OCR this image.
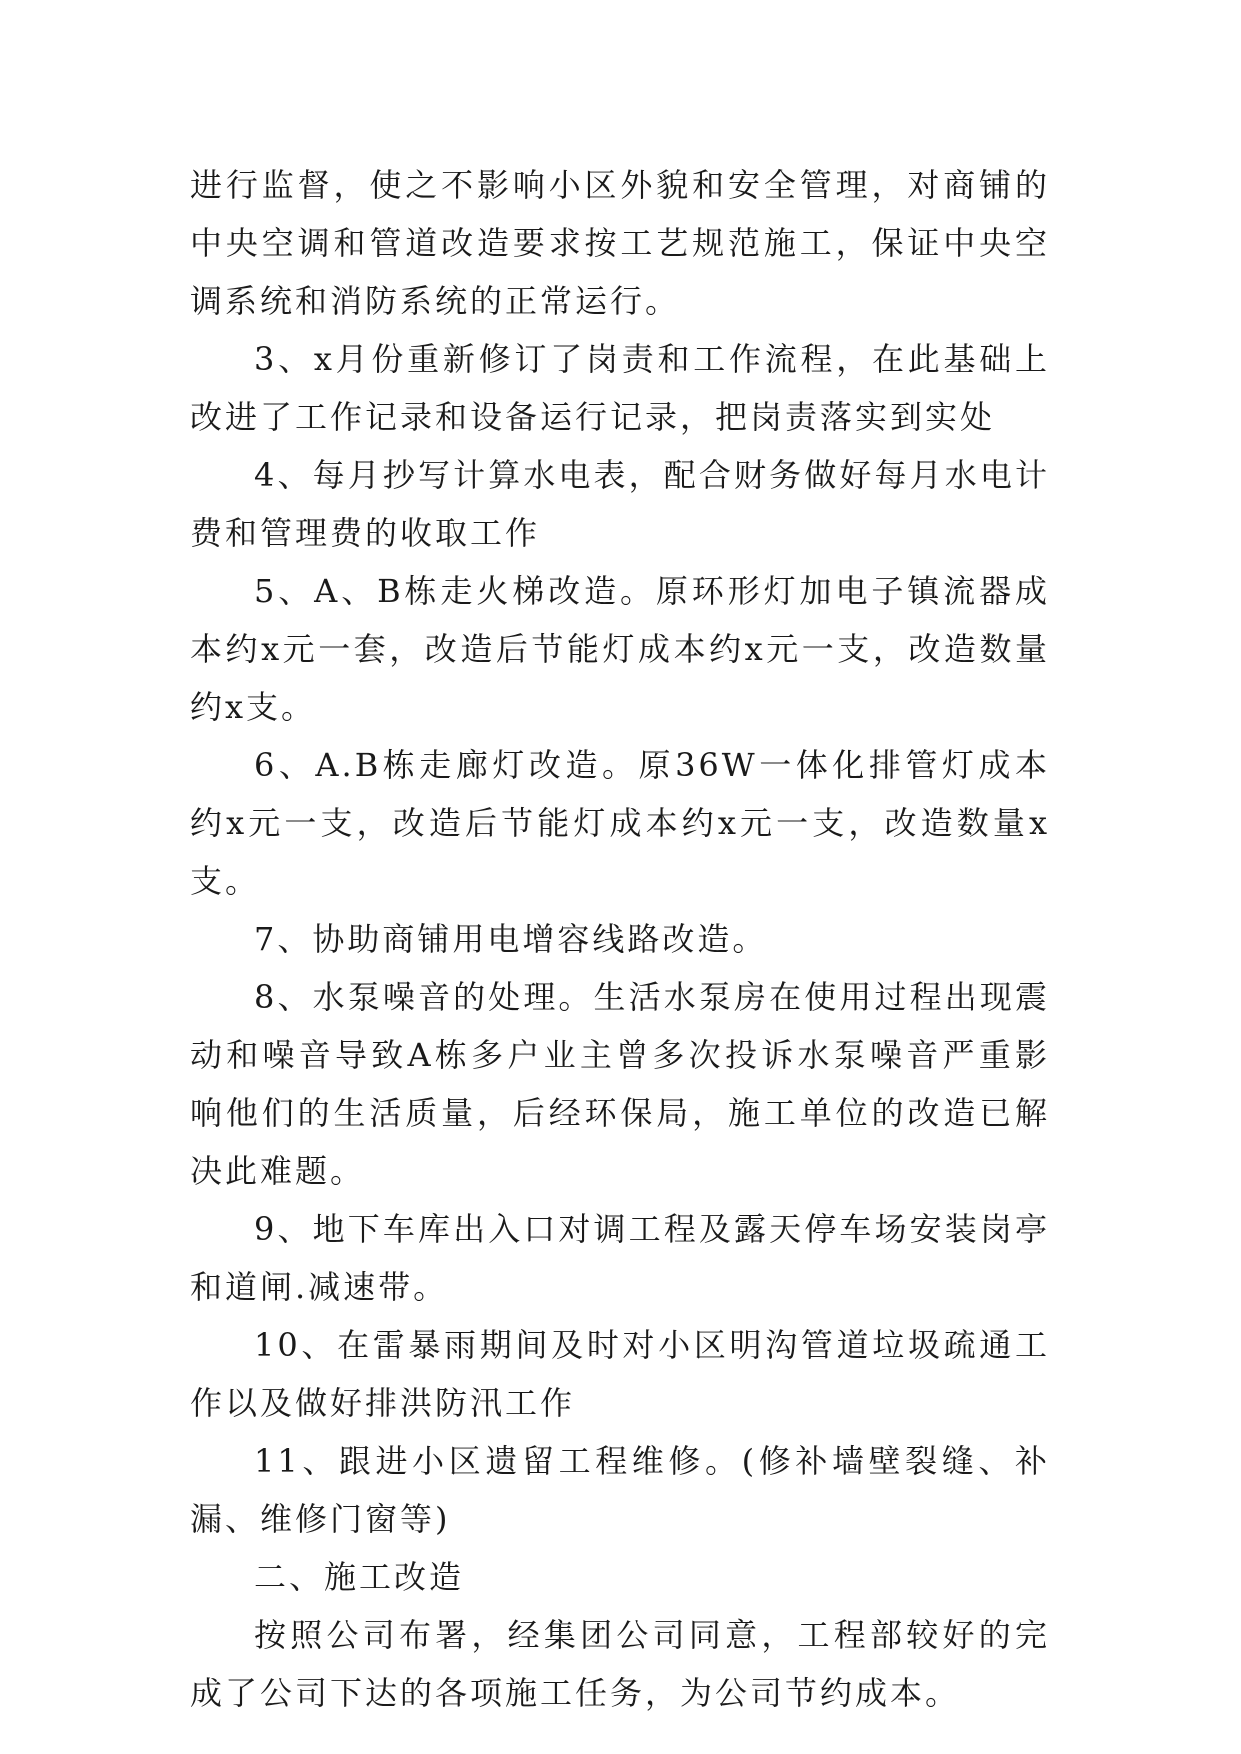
进行监督，使之不影响小区外貌和安全管理，对商铺的中央空调和管道改造要求按工艺规范施工，保证中央空调系统和消防系统的正常运行。

3、x月份重新修订了岗责和工作流程，在此基础上改进了工作记录和设备运行记录，把岗责落实到实处

4、每月抄写计算水电表，配合财务做好每月水电计费和管理费的收取工作

5、A、B栋走火梯改造。原环形灯加电子镇流器成本约x元一套，改造后节能灯成本约x元一支，改造数量约x支。

6、A.B栋走廊灯改造。原36W一体化排管灯成本约x元一支，改造后节能灯成本约x元一支，改造数量x支。

7、协助商铺用电增容线路改造。

8、水泵噪音的处理。生活水泵房在使用过程出现震动和噪音导致A栋多户业主曾多次投诉水泵噪音严重影响他们的生活质量，后经环保局，施工单位的改造已解决此难题。

9、地下车库出入口对调工程及露天停车场安装岗亭和道闸.减速带。

10、在雷暴雨期间及时对小区明沟管道垃圾疏通工作以及做好排洪防汛工作

11、跟进小区遗留工程维修。(修补墙壁裂缝、补漏、维修门窗等)

二、施工改造

按照公司布署，经集团公司同意，工程部较好的完成了公司下达的各项施工任务，为公司节约成本。
